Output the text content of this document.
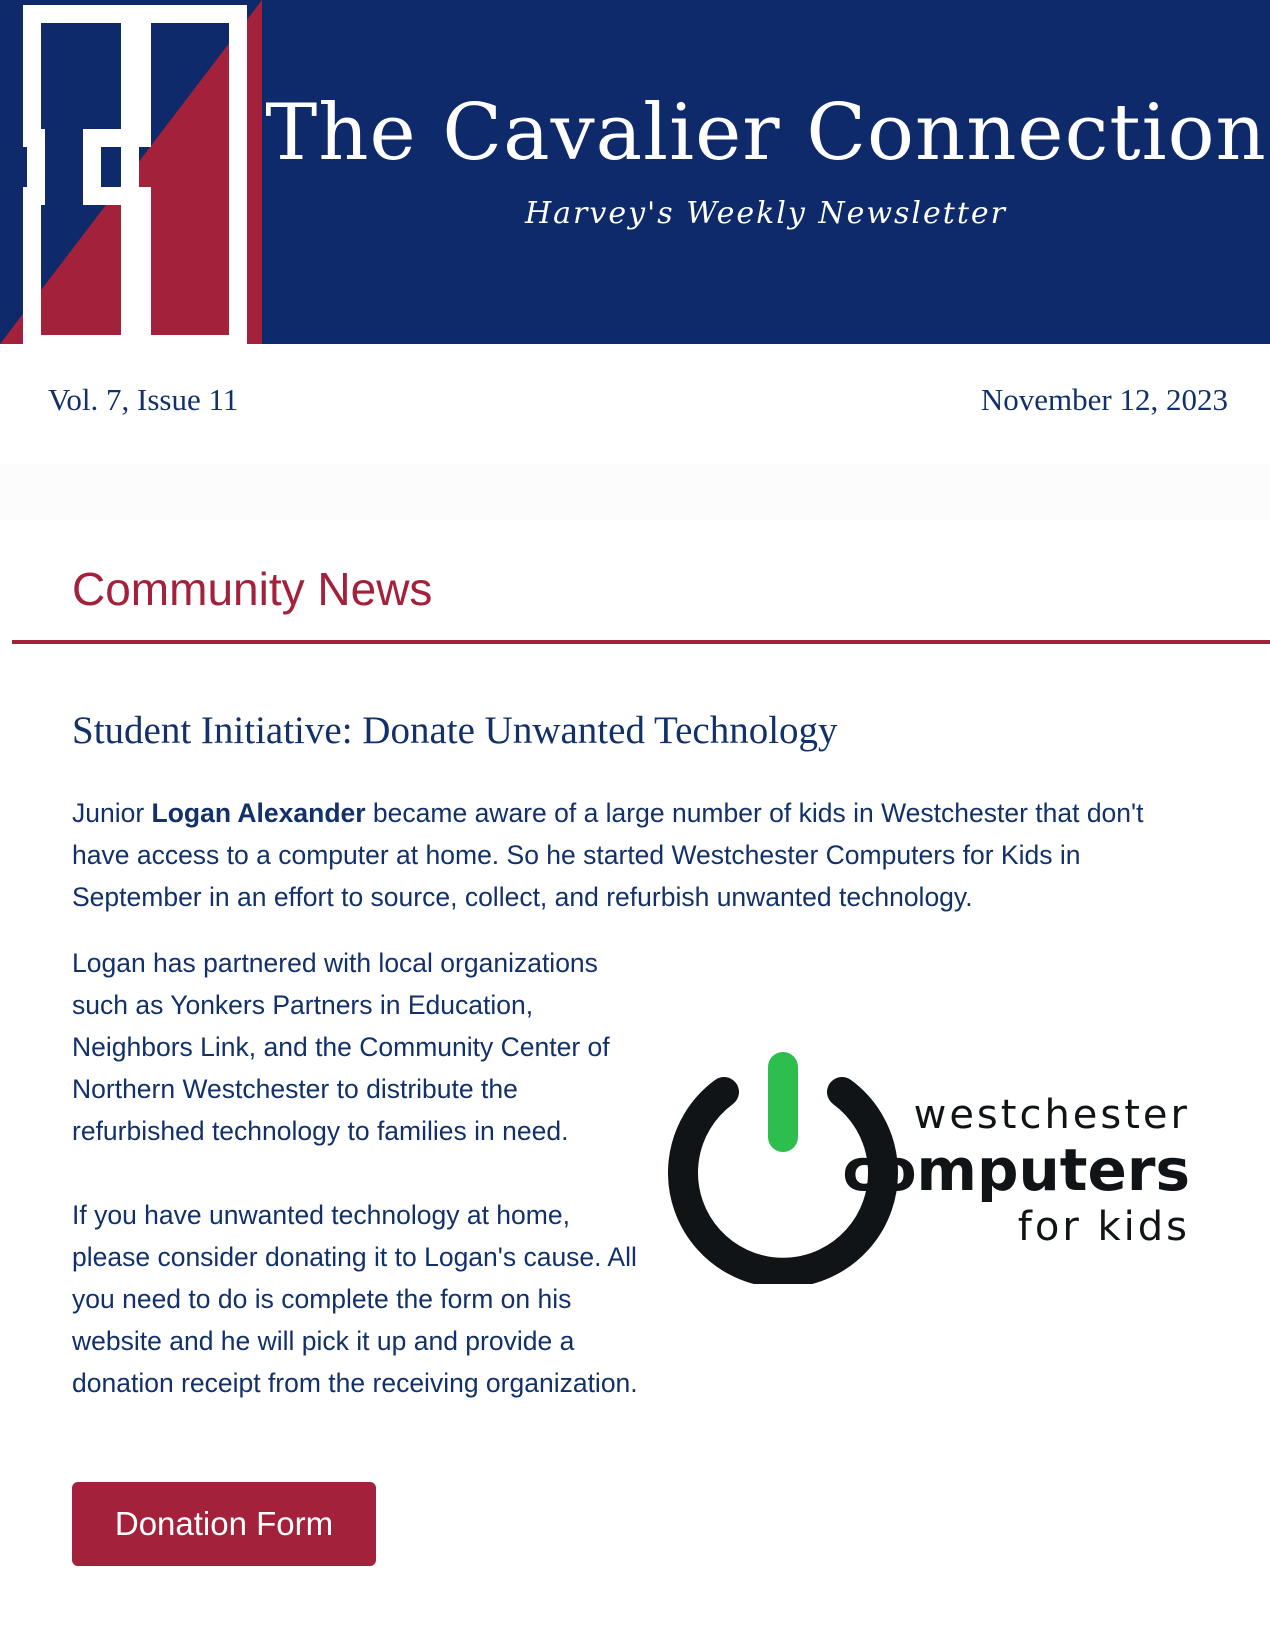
The Cavalier Connection
Harvey's Weekly Newsletter
Vol. 7, Issue 11	November 12, 2023
Community News
Student Initiative: Donate Unwanted Technology
Junior Logan Alexander became aware of a large number of kids in Westchester that don't have access to a computer at home. So he started Westchester Computers for Kids in September in an effort to source, collect, and refurbish unwanted technology.

Logan has partnered with local organizations such as Yonkers Partners in Education, Neighbors Link, and the Community Center of Northern Westchester to distribute the refurbished technology to families in need.

If you have unwanted technology at home, please consider donating it to Logan's cause. All you need to do is complete the form on his website and he will pick it up and provide a donation receipt from the receiving organization.

westchester
computers
for kids
Donation Form
